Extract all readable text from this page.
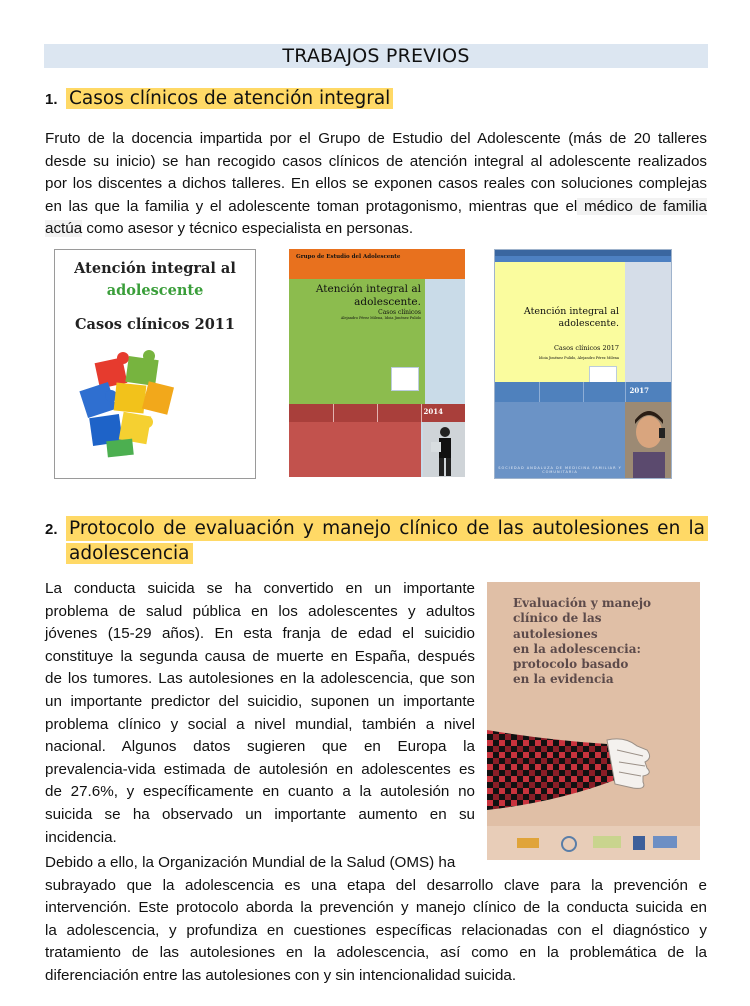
TRABAJOS PREVIOS
1. Casos clínicos de atención integral
Fruto de la docencia impartida por el Grupo de Estudio del Adolescente (más de 20 talleres
desde su inicio) se han recogido casos clínicos de atención integral al adolescente realizados
por los discentes a dichos talleres. En ellos se exponen casos reales con soluciones complejas
en las que la familia y el adolescente toman protagonismo, mientras que el médico de familia
actúa como asesor y técnico especialista en personas.
Atención integral al
adolescente
Casos clínicos 2011
Grupo de Estudio del Adolescente
Atención integral al
adolescente.
Casos clínicos
Alejandro Pérez Milena, Idoia Jiménez Pulido
2014
Atención integral al
adolescente.
Casos clínicos 2017
Idoia Jiménez Pulido, Alejandro Pérez Milena
2017
SOCIEDAD ANDALUZA DE MEDICINA FAMILIAR Y COMUNITARIA
2. Protocolo de evaluación y manejo clínico de las autolesiones en la
adolescencia
La conducta suicida se ha convertido en un importante
problema de salud pública en los adolescentes y adultos
jóvenes (15-29 años). En esta franja de edad el suicidio
constituye la segunda causa de muerte en España, después
de los tumores. Las autolesiones en la adolescencia, que son
un importante predictor del suicidio, suponen un importante
problema clínico y social a nivel mundial, también a nivel
nacional. Algunos datos sugieren que en Europa la
prevalencia-vida estimada de autolesión en adolescentes es
de 27.6%, y específicamente en cuanto a la autolesión no
suicida se ha observado un importante aumento en su
incidencia.
Debido a ello, la Organización Mundial de la Salud (OMS) ha
subrayado que la adolescencia es una etapa del desarrollo clave para la prevención e
intervención. Este protocolo aborda la prevención y manejo clínico de la conducta suicida en
la adolescencia, y profundiza en cuestiones específicas relacionadas con el diagnóstico y
tratamiento de las autolesiones en la adolescencia, así como en la problemática de la
diferenciación entre las autolesiones con y sin intencionalidad suicida.
Evaluación y manejo
clínico de las
autolesiones
en la adolescencia:
protocolo basado
en la evidencia
